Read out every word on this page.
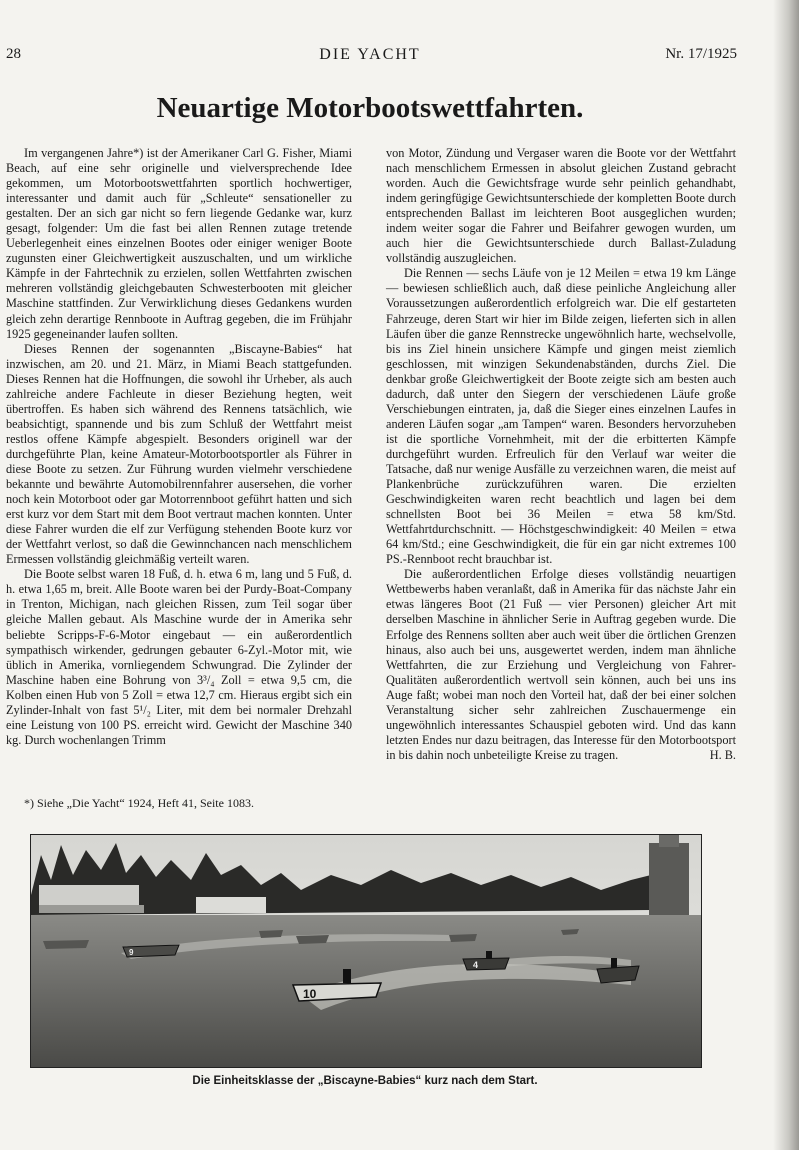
28	DIE YACHT	Nr. 17/1925
Neuartige Motorbootswettfahrten.

Im vergangenen Jahre*) ist der Amerikaner Carl G. Fisher, Miami Beach, auf eine sehr originelle und vielversprechende Idee gekommen, um Motorbootswettfahrten sportlich hochwertiger, interessanter und damit auch für „Schleute“ sensationeller zu gestalten. Der an sich gar nicht so fern liegende Gedanke war, kurz gesagt, folgender: Um die fast bei allen Rennen zutage tretende Ueberlegenheit eines einzelnen Bootes oder einiger weniger Boote zugunsten einer Gleichwertigkeit auszuschalten, und um wirkliche Kämpfe in der Fahrtechnik zu erzielen, sollen Wettfahrten zwischen mehreren vollständig gleichgebauten Schwesterbooten mit gleicher Maschine stattfinden. Zur Verwirklichung dieses Gedankens wurden gleich zehn derartige Rennboote in Auftrag gegeben, die im Frühjahr 1925 gegeneinander laufen sollten.

Dieses Rennen der sogenannten „Biscayne-Babies“ hat inzwischen, am 20. und 21. März, in Miami Beach stattgefunden. Dieses Rennen hat die Hoffnungen, die sowohl ihr Urheber, als auch zahlreiche andere Fachleute in dieser Beziehung hegten, weit übertroffen. Es haben sich während des Rennens tatsächlich, wie beabsichtigt, spannende und bis zum Schluß der Wettfahrt meist restlos offene Kämpfe abgespielt. Besonders originell war der durchgeführte Plan, keine Amateur-Motorbootsportler als Führer in diese Boote zu setzen. Zur Führung wurden vielmehr verschiedene bekannte und bewährte Automobilrennfahrer ausersehen, die vorher noch kein Motorboot oder gar Motorrennboot geführt hatten und sich erst kurz vor dem Start mit dem Boot vertraut machen konnten. Unter diese Fahrer wurden die elf zur Verfügung stehenden Boote kurz vor der Wettfahrt verlost, so daß die Gewinnchancen nach menschlichem Ermessen vollständig gleichmäßig verteilt waren.

Die Boote selbst waren 18 Fuß, d. h. etwa 6 m, lang und 5 Fuß, d. h. etwa 1,65 m, breit. Alle Boote waren bei der Purdy-Boat-Company in Trenton, Michigan, nach gleichen Rissen, zum Teil sogar über gleiche Mallen gebaut. Als Maschine wurde der in Amerika sehr beliebte Scripps-F-6-Motor eingebaut — ein außerordentlich sympathisch wirkender, gedrungen gebauter 6-Zyl.-Motor mit, wie üblich in Amerika, vornliegendem Schwungrad. Die Zylinder der Maschine haben eine Bohrung von 3³/₄ Zoll = etwa 9,5 cm, die Kolben einen Hub von 5 Zoll = etwa 12,7 cm. Hieraus ergibt sich ein Zylinder-Inhalt von fast 5¹/₂ Liter, mit dem bei normaler Drehzahl eine Leistung von 100 PS. erreicht wird. Gewicht der Maschine 340 kg. Durch wochenlangen Trimm

*) Siehe „Die Yacht“ 1924, Heft 41, Seite 1083.

von Motor, Zündung und Vergaser waren die Boote vor der Wettfahrt nach menschlichem Ermessen in absolut gleichen Zustand gebracht worden. Auch die Gewichtsfrage wurde sehr peinlich gehandhabt, indem geringfügige Gewichtsunterschiede der kompletten Boote durch entsprechenden Ballast im leichteren Boot ausgeglichen wurden; indem weiter sogar die Fahrer und Beifahrer gewogen wurden, um auch hier die Gewichtsunterschiede durch Ballast-Zuladung vollständig auszugleichen.

Die Rennen — sechs Läufe von je 12 Meilen = etwa 19 km Länge — bewiesen schließlich auch, daß diese peinliche Angleichung aller Voraussetzungen außerordentlich erfolgreich war. Die elf gestarteten Fahrzeuge, deren Start wir hier im Bilde zeigen, lieferten sich in allen Läufen über die ganze Rennstrecke ungewöhnlich harte, wechselvolle, bis ins Ziel hinein unsichere Kämpfe und gingen meist ziemlich geschlossen, mit winzigen Sekundenabständen, durchs Ziel. Die denkbar große Gleichwertigkeit der Boote zeigte sich am besten auch dadurch, daß unter den Siegern der verschiedenen Läufe große Verschiebungen eintraten, ja, daß die Sieger eines einzelnen Laufes in anderen Läufen sogar „am Tampen“ waren. Besonders hervorzuheben ist die sportliche Vornehmheit, mit der die erbitterten Kämpfe durchgeführt wurden. Erfreulich für den Verlauf war weiter die Tatsache, daß nur wenige Ausfälle zu verzeichnen waren, die meist auf Plankenbrüche zurückzuführen waren. Die erzielten Geschwindigkeiten waren recht beachtlich und lagen bei dem schnellsten Boot bei 36 Meilen = etwa 58 km/Std. Wettfahrtdurchschnitt. — Höchstgeschwindigkeit: 40 Meilen = etwa 64 km/Std.; eine Geschwindigkeit, die für ein gar nicht extremes 100 PS.-Rennboot recht brauchbar ist.

Die außerordentlichen Erfolge dieses vollständig neuartigen Wettbewerbs haben veranlaßt, daß in Amerika für das nächste Jahr ein etwas längeres Boot (21 Fuß — vier Personen) gleicher Art mit derselben Maschine in ähnlicher Serie in Auftrag gegeben wurde. Die Erfolge des Rennens sollten aber auch weit über die örtlichen Grenzen hinaus, also auch bei uns, ausgewertet werden, indem man ähnliche Wettfahrten, die zur Erziehung und Vergleichung von Fahrer-Qualitäten außerordentlich wertvoll sein können, auch bei uns ins Auge faßt; wobei man noch den Vorteil hat, daß der bei einer solchen Veranstaltung sicher sehr zahlreichen Zuschauermenge ein ungewöhnlich interessantes Schauspiel geboten wird. Und das kann letzten Endes nur dazu beitragen, das Interesse für den Motorbootsport in bis dahin noch unbeteiligte Kreise zu tragen.	H. B.

10
4
9
Die Einheitsklasse der „Biscayne-Babies“ kurz nach dem Start.
